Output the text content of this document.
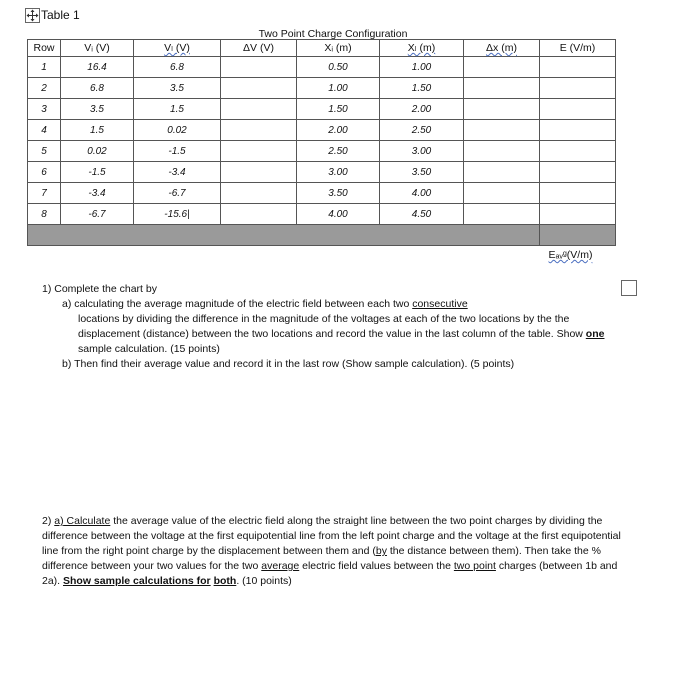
Table 1
Two Point Charge Configuration
Row	Vᵢ (V)	Vₗ (V)	ΔV (V)	Xᵢ (m)	Xₗ (m)	Δx (m)	E (V/m)
1	16.4	6.8		0.50	1.00		
2	6.8	3.5		1.00	1.50		
3	3.5	1.5		1.50	2.00		
4	1.5	0.02		2.00	2.50		
5	0.02	-1.5		2.50	3.00		
6	-1.5	-3.4		3.00	3.50		
7	-3.4	-6.7		3.50	4.00		
8	-6.7	-15.6|		4.00	4.50		

							Eₐᵥᵍ(V/m)
1) Complete the chart by
a) calculating the average magnitude of the electric field between each two consecutive
locations by dividing the difference in the magnitude of the voltages at each of the two locations by the the displacement (distance) between the two locations and record the value in the last column of the table. Show one sample calculation. (15 points)
b) Then find their average value and record it in the last row (Show sample calculation). (5 points)
2) a) Calculate the average value of the electric field along the straight line between the two point charges by dividing the difference between the voltage at the first equipotential line from the left point charge and the voltage at the first equipotential line from the right point charge by the displacement between them and (by the distance between them). Then take the % difference between your two values for the two average electric field values between the two point charges (between 1b and 2a). Show sample calculations for both. (10 points)
